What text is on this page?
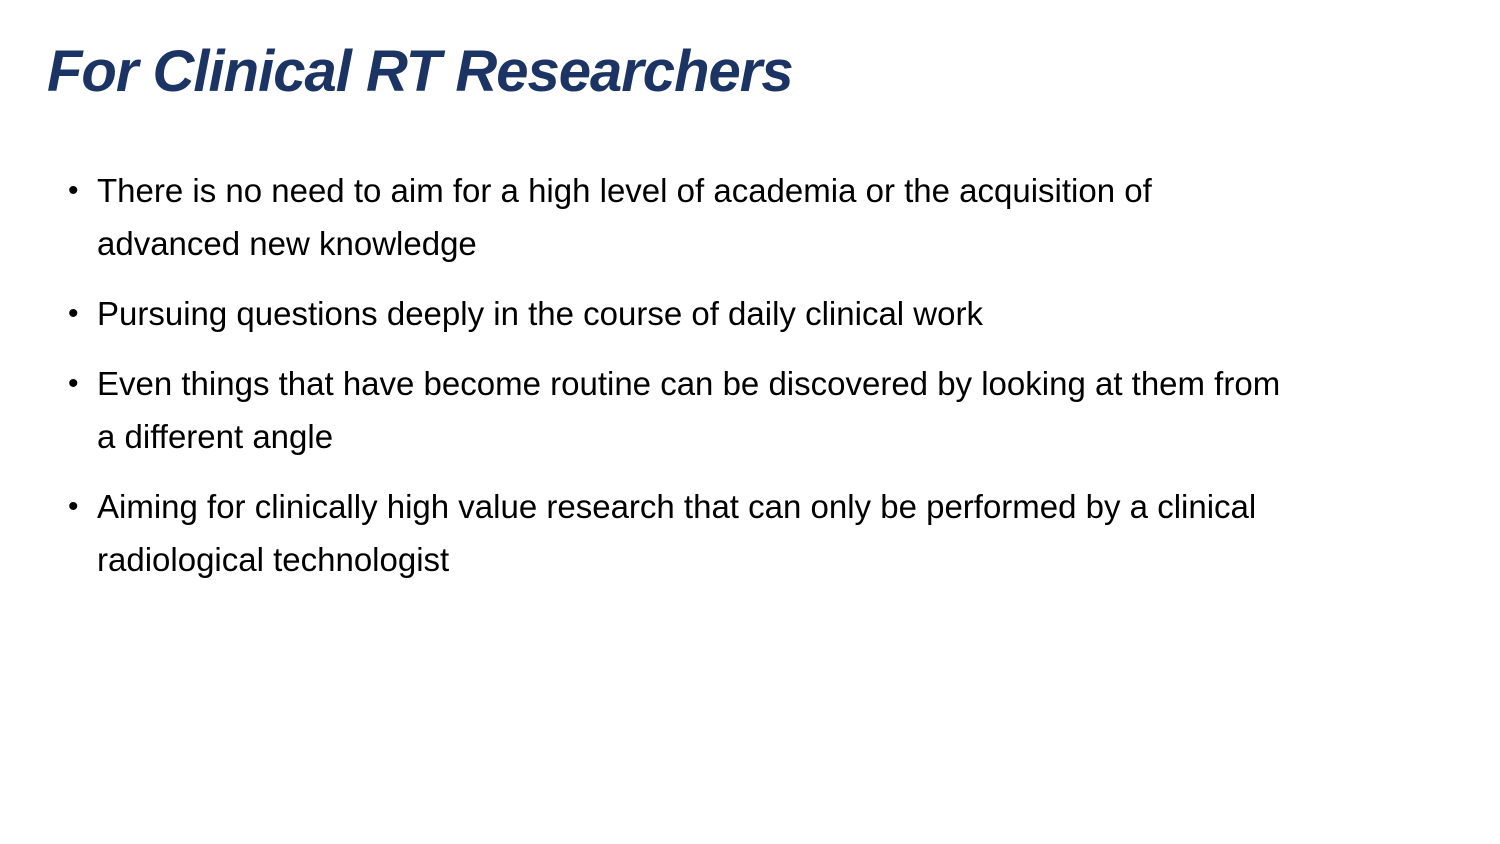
For Clinical RT Researchers
• There is no need to aim for a high level of academia or the acquisition of
advanced new knowledge
• Pursuing questions deeply in the course of daily clinical work
• Even things that have become routine can be discovered by looking at them from
a different angle
• Aiming for clinically high value research that can only be performed by a clinical
radiological technologist
